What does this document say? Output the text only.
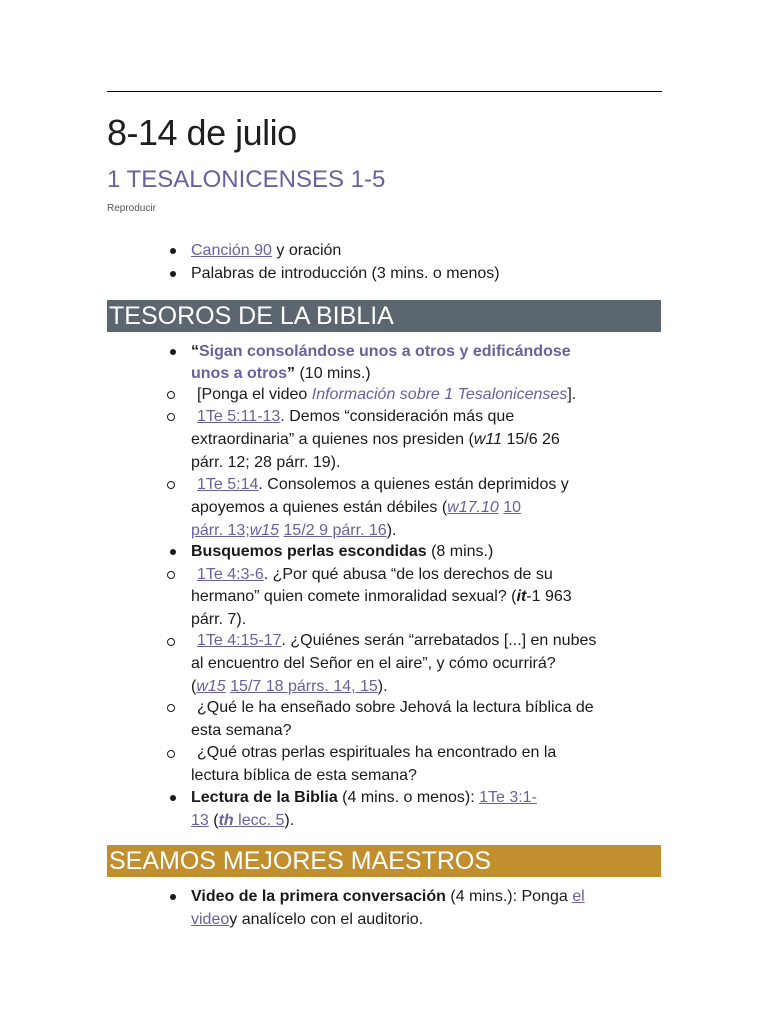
8-14 de julio
1 TESALONICENSES 1-5
Reproducir
Canción 90 y oración
Palabras de introducción (3 mins. o menos)
TESOROS DE LA BIBLIA
“Sigan consolándose unos a otros y edificándose
unos a otros” (10 mins.)
[Ponga el video Información sobre 1 Tesalonicenses].
1Te 5:11-13. Demos “consideración más que
extraordinaria” a quienes nos presiden (w11 15/6 26
párr. 12; 28 párr. 19).
1Te 5:14. Consolemos a quienes están deprimidos y
apoyemos a quienes están débiles (w17.10 10
párr. 13;w15 15/2 9 párr. 16).
Busquemos perlas escondidas (8 mins.)
1Te 4:3-6. ¿Por qué abusa “de los derechos de su
hermano” quien comete inmoralidad sexual? (it-1 963
párr. 7).
1Te 4:15-17. ¿Quiénes serán “arrebatados [...] en nubes
al encuentro del Señor en el aire”, y cómo ocurrirá?
(w15 15/7 18 párrs. 14, 15).
¿Qué le ha enseñado sobre Jehová la lectura bíblica de
esta semana?
¿Qué otras perlas espirituales ha encontrado en la
lectura bíblica de esta semana?
Lectura de la Biblia (4 mins. o menos): 1Te 3:1-
13 (th lecc. 5).
SEAMOS MEJORES MAESTROS
Video de la primera conversación (4 mins.): Ponga el
videoy analícelo con el auditorio.
